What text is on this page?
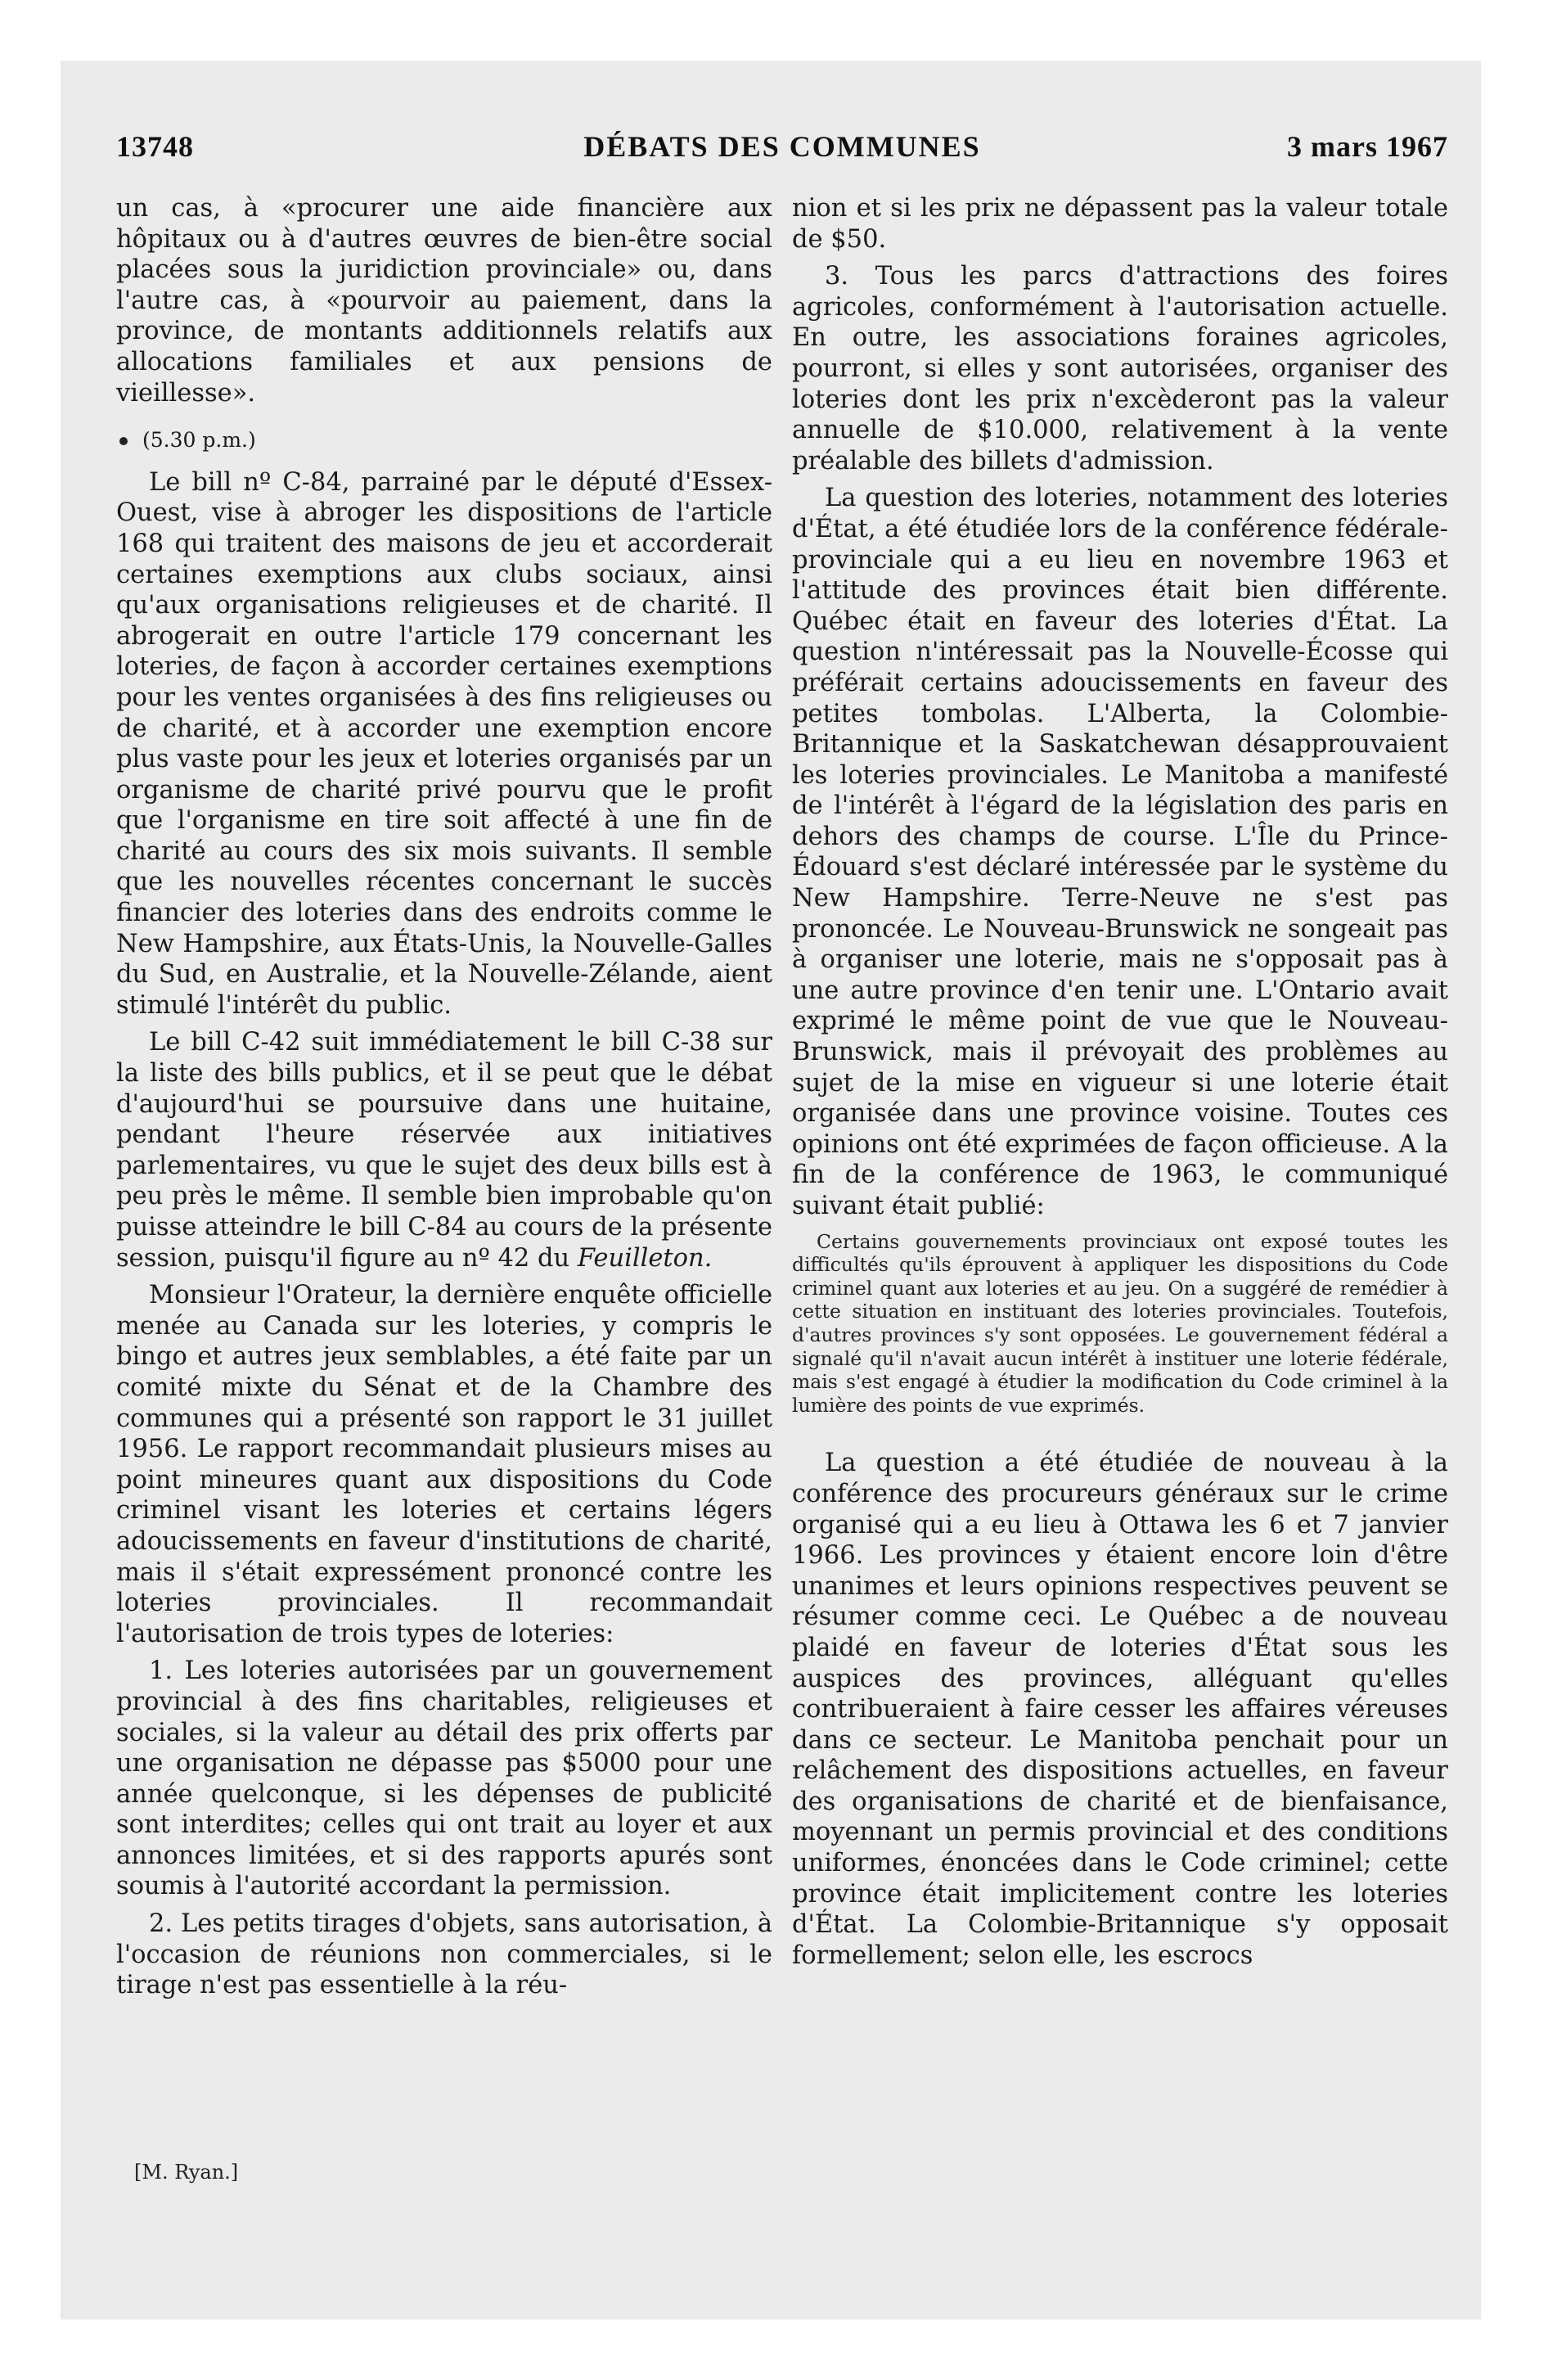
13748	DÉBATS DES COMMUNES	3 mars 1967

un cas, à «procurer une aide financière aux hôpitaux ou à d'autres œuvres de bien-être social placées sous la juridiction provinciale» ou, dans l'autre cas, à «pourvoir au paiement, dans la province, de montants additionnels relatifs aux allocations familiales et aux pensions de vieillesse».

(5.30 p.m.)

Le bill nº C-84, parrainé par le député d'Essex-Ouest, vise à abroger les dispositions de l'article 168 qui traitent des maisons de jeu et accorderait certaines exemptions aux clubs sociaux, ainsi qu'aux organisations religieuses et de charité. Il abrogerait en outre l'article 179 concernant les loteries, de façon à accorder certaines exemptions pour les ventes organisées à des fins religieuses ou de charité, et à accorder une exemption encore plus vaste pour les jeux et loteries organisés par un organisme de charité privé pourvu que le profit que l'organisme en tire soit affecté à une fin de charité au cours des six mois suivants. Il semble que les nouvelles récentes concernant le succès financier des loteries dans des endroits comme le New Hampshire, aux États-Unis, la Nouvelle-Galles du Sud, en Australie, et la Nouvelle-Zélande, aient stimulé l'intérêt du public.

Le bill C-42 suit immédiatement le bill C-38 sur la liste des bills publics, et il se peut que le débat d'aujourd'hui se poursuive dans une huitaine, pendant l'heure réservée aux initiatives parlementaires, vu que le sujet des deux bills est à peu près le même. Il semble bien improbable qu'on puisse atteindre le bill C-84 au cours de la présente session, puisqu'il figure au nº 42 du Feuilleton.

Monsieur l'Orateur, la dernière enquête officielle menée au Canada sur les loteries, y compris le bingo et autres jeux semblables, a été faite par un comité mixte du Sénat et de la Chambre des communes qui a présenté son rapport le 31 juillet 1956. Le rapport recommandait plusieurs mises au point mineures quant aux dispositions du Code criminel visant les loteries et certains légers adoucissements en faveur d'institutions de charité, mais il s'était expressément prononcé contre les loteries provinciales. Il recommandait l'autorisation de trois types de loteries:

1. Les loteries autorisées par un gouvernement provincial à des fins charitables, religieuses et sociales, si la valeur au détail des prix offerts par une organisation ne dépasse pas $5000 pour une année quelconque, si les dépenses de publicité sont interdites; celles qui ont trait au loyer et aux annonces limitées, et si des rapports apurés sont soumis à l'autorité accordant la permission.

2. Les petits tirages d'objets, sans autorisation, à l'occasion de réunions non commerciales, si le tirage n'est pas essentielle à la réu-

[M. Ryan.]

nion et si les prix ne dépassent pas la valeur totale de $50.

3. Tous les parcs d'attractions des foires agricoles, conformément à l'autorisation actuelle. En outre, les associations foraines agricoles, pourront, si elles y sont autorisées, organiser des loteries dont les prix n'excèderont pas la valeur annuelle de $10.000, relativement à la vente préalable des billets d'admission.

La question des loteries, notamment des loteries d'État, a été étudiée lors de la conférence fédérale-provinciale qui a eu lieu en novembre 1963 et l'attitude des provinces était bien différente. Québec était en faveur des loteries d'État. La question n'intéressait pas la Nouvelle-Écosse qui préférait certains adoucissements en faveur des petites tombolas. L'Alberta, la Colombie-Britannique et la Saskatchewan désapprouvaient les loteries provinciales. Le Manitoba a manifesté de l'intérêt à l'égard de la législation des paris en dehors des champs de course. L'Île du Prince-Édouard s'est déclaré intéressée par le système du New Hampshire. Terre-Neuve ne s'est pas prononcée. Le Nouveau-Brunswick ne songeait pas à organiser une loterie, mais ne s'opposait pas à une autre province d'en tenir une. L'Ontario avait exprimé le même point de vue que le Nouveau-Brunswick, mais il prévoyait des problèmes au sujet de la mise en vigueur si une loterie était organisée dans une province voisine. Toutes ces opinions ont été exprimées de façon officieuse. A la fin de la conférence de 1963, le communiqué suivant était publié:

Certains gouvernements provinciaux ont exposé toutes les difficultés qu'ils éprouvent à appliquer les dispositions du Code criminel quant aux loteries et au jeu. On a suggéré de remédier à cette situation en instituant des loteries provinciales. Toutefois, d'autres provinces s'y sont opposées. Le gouvernement fédéral a signalé qu'il n'avait aucun intérêt à instituer une loterie fédérale, mais s'est engagé à étudier la modification du Code criminel à la lumière des points de vue exprimés.

La question a été étudiée de nouveau à la conférence des procureurs généraux sur le crime organisé qui a eu lieu à Ottawa les 6 et 7 janvier 1966. Les provinces y étaient encore loin d'être unanimes et leurs opinions respectives peuvent se résumer comme ceci. Le Québec a de nouveau plaidé en faveur de loteries d'État sous les auspices des provinces, alléguant qu'elles contribueraient à faire cesser les affaires véreuses dans ce secteur. Le Manitoba penchait pour un relâchement des dispositions actuelles, en faveur des organisations de charité et de bienfaisance, moyennant un permis provincial et des conditions uniformes, énoncées dans le Code criminel; cette province était implicitement contre les loteries d'État. La Colombie-Britannique s'y opposait formellement; selon elle, les escrocs
